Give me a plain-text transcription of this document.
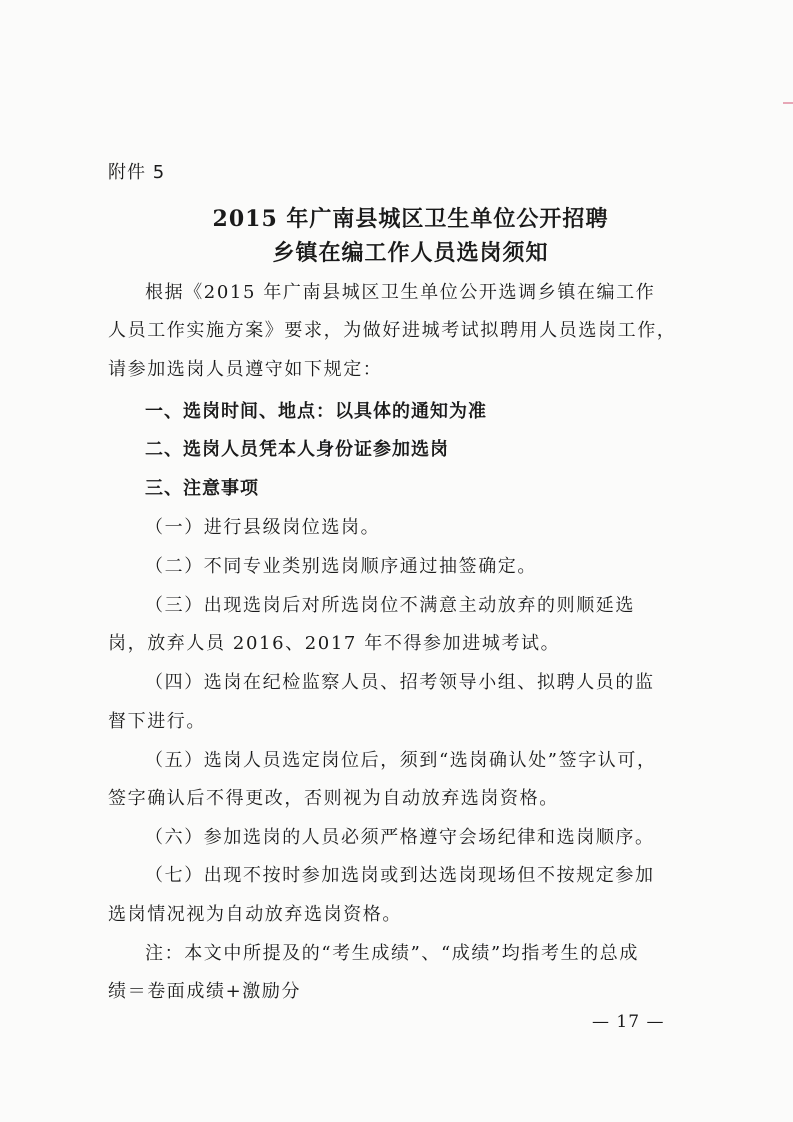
附件 5
2015 年广南县城区卫生单位公开招聘
乡镇在编工作人员选岗须知
根据《2015 年广南县城区卫生单位公开选调乡镇在编工作
人员工作实施方案》要求，为做好进城考试拟聘用人员选岗工作，
请参加选岗人员遵守如下规定：
一、选岗时间、地点：以具体的通知为准
二、选岗人员凭本人身份证参加选岗
三、注意事项
（一）进行县级岗位选岗。
（二）不同专业类别选岗顺序通过抽签确定。
（三）出现选岗后对所选岗位不满意主动放弃的则顺延选
岗，放弃人员 2016、2017 年不得参加进城考试。
（四）选岗在纪检监察人员、招考领导小组、拟聘人员的监
督下进行。
（五）选岗人员选定岗位后，须到“选岗确认处”签字认可，
签字确认后不得更改，否则视为自动放弃选岗资格。
（六）参加选岗的人员必须严格遵守会场纪律和选岗顺序。
（七）出现不按时参加选岗或到达选岗现场但不按规定参加
选岗情况视为自动放弃选岗资格。
注：本文中所提及的“考生成绩”、“成绩”均指考生的总成
绩＝卷面成绩+激励分
— 17 —
